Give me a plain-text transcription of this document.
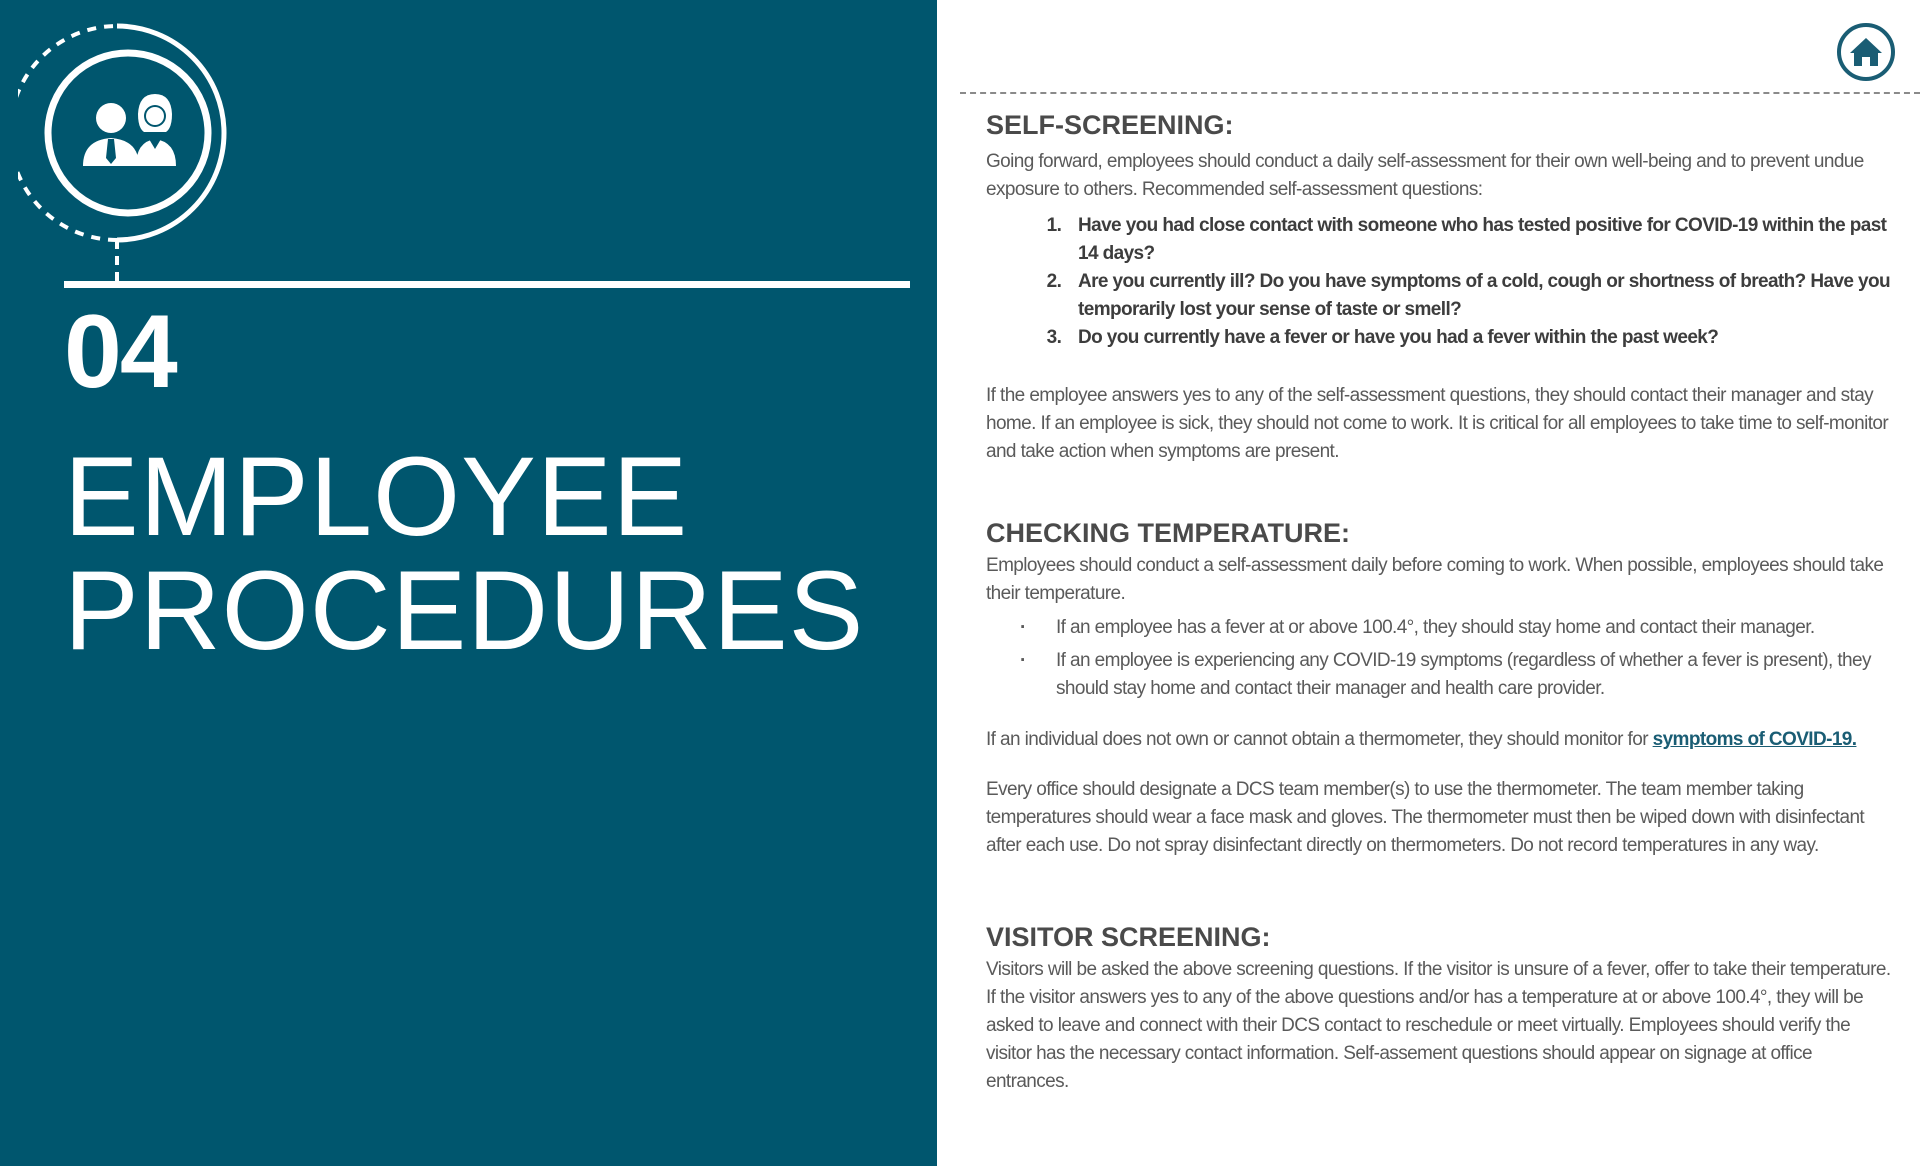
04
EMPLOYEE
PROCEDURES
SELF-SCREENING:

Going forward, employees should conduct a daily self-assessment for their own well-being and to prevent undue exposure to others. Recommended self-assessment questions:

1. Have you had close contact with someone who has tested positive for COVID-19 within the past 14 days?
2. Are you currently ill? Do you have symptoms of a cold, cough or shortness of breath? Have you temporarily lost your sense of taste or smell?
3. Do you currently have a fever or have you had a fever within the past week?

If the employee answers yes to any of the self-assessment questions, they should contact their manager and stay home. If an employee is sick, they should not come to work. It is critical for all employees to take time to self-monitor and take action when symptoms are present.

CHECKING TEMPERATURE:

Employees should conduct a self-assessment daily before coming to work. When possible, employees should take their temperature.

· If an employee has a fever at or above 100.4°, they should stay home and contact their manager.
· If an employee is experiencing any COVID-19 symptoms (regardless of whether a fever is present), they should stay home and contact their manager and health care provider.

If an individual does not own or cannot obtain a thermometer, they should monitor for symptoms of COVID-19.

Every office should designate a DCS team member(s) to use the thermometer. The team member taking temperatures should wear a face mask and gloves. The thermometer must then be wiped down with disinfectant after each use. Do not spray disinfectant directly on thermometers. Do not record temperatures in any way.

VISITOR SCREENING:

Visitors will be asked the above screening questions. If the visitor is unsure of a fever, offer to take their temperature. If the visitor answers yes to any of the above questions and/or has a temperature at or above 100.4°, they will be asked to leave and connect with their DCS contact to reschedule or meet virtually. Employees should verify the visitor has the necessary contact information. Self-assement questions should appear on signage at office entrances.
